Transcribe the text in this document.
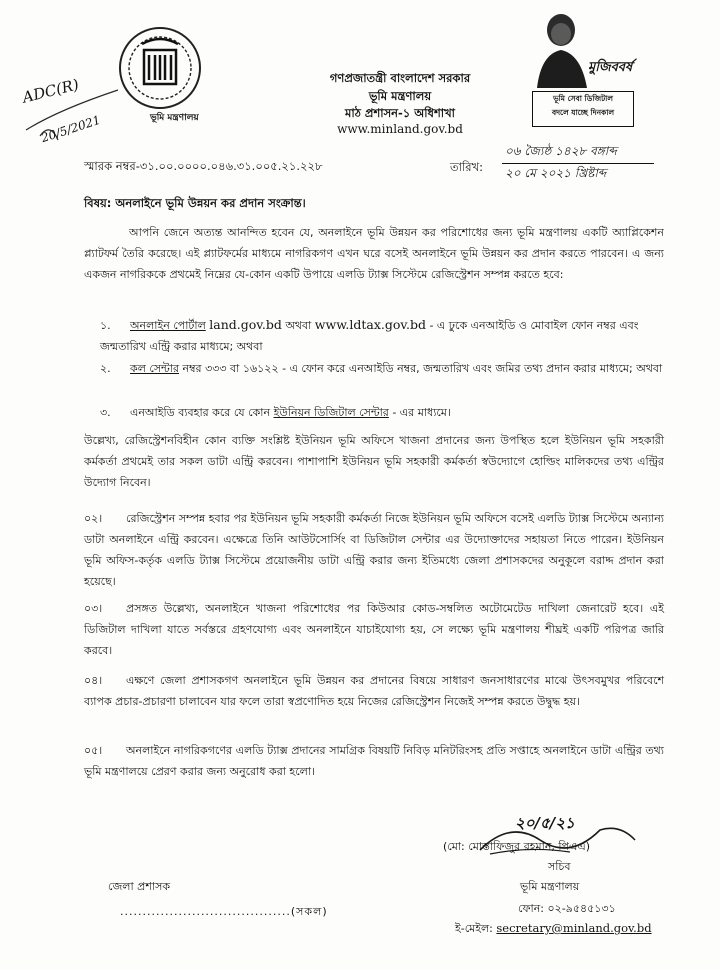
ভূমি মন্ত্রণালয়
ADC(R)
20/5/2021
গণপ্রজাতন্ত্রী বাংলাদেশ সরকার
ভূমি মন্ত্রণালয়
মাঠ প্রশাসন-১ অধিশাখা
www.minland.gov.bd
মুজিববর্ষ
ভূমি সেবা ডিজিটাল
বদলে যাচ্ছে দিনকাল
স্মারক নম্বর-৩১.০০.০০০০.০৪৬.৩১.০০৫.২১.২২৮	তারিখ:
০৬ জ্যৈষ্ঠ ১৪২৮ বঙ্গাব্দ
২০ মে ২০২১ খ্রিষ্টাব্দ
বিষয়: অনলাইনে ভূমি উন্নয়ন কর প্রদান সংক্রান্ত।
আপনি জেনে অত্যন্ত আনন্দিত হবেন যে, অনলাইনে ভূমি উন্নয়ন কর পরিশোধের জন্য ভূমি মন্ত্রণালয় একটি অ্যাপ্লিকেশন প্ল্যাটফর্ম তৈরি করেছে। এই প্ল্যাটফর্মের মাধ্যমে নাগরিকগণ এখন ঘরে বসেই অনলাইনে ভূমি উন্নয়ন কর প্রদান করতে পারবেন। এ জন্য একজন নাগরিককে প্রথমেই নিম্নের যে-কোন একটি উপায়ে এলডি ট্যাক্স সিস্টেমে রেজিস্ট্রেশন সম্পন্ন করতে হবে:
১. অনলাইন পোর্টাল land.gov.bd অথবা www.ldtax.gov.bd - এ ঢুকে এনআইডি ও মোবাইল ফোন নম্বর এবং জন্মতারিখ এন্ট্রি করার মাধ্যমে; অথবা
২. কল সেন্টার নম্বর ৩৩৩ বা ১৬১২২ - এ ফোন করে এনআইডি নম্বর, জন্মতারিখ এবং জমির তথ্য প্রদান করার মাধ্যমে; অথবা
৩. এনআইডি ব্যবহার করে যে কোন ইউনিয়ন ডিজিটাল সেন্টার - এর মাধ্যমে।
উল্লেখ্য, রেজিস্ট্রেশনবিহীন কোন ব্যক্তি সংশ্লিষ্ট ইউনিয়ন ভূমি অফিসে খাজনা প্রদানের জন্য উপস্থিত হলে ইউনিয়ন ভূমি সহকারী কর্মকর্তা প্রথমেই তার সকল ডাটা এন্ট্রি করবেন। পাশাপাশি ইউনিয়ন ভূমি সহকারী কর্মকর্তা স্বউদ্যোগে হোল্ডিং মালিকদের তথ্য এন্ট্রির উদ্যোগ নিবেন।
০২। রেজিস্ট্রেশন সম্পন্ন হবার পর ইউনিয়ন ভূমি সহকারী কর্মকর্তা নিজে ইউনিয়ন ভূমি অফিসে বসেই এলডি ট্যাক্স সিস্টেমে অন্যান্য ডাটা অনলাইনে এন্ট্রি করবেন। এক্ষেত্রে তিনি আউটসোর্সিং বা ডিজিটাল সেন্টার এর উদ্যোক্তাদের সহায়তা নিতে পারেন। ইউনিয়ন ভূমি অফিস-কর্তৃক এলডি ট্যাক্স সিস্টেমে প্রয়োজনীয় ডাটা এন্ট্রি করার জন্য ইতিমধ্যে জেলা প্রশাসকদের অনুকূলে বরাদ্দ প্রদান করা হয়েছে।
০৩। প্রসঙ্গত উল্লেখ্য, অনলাইনে খাজনা পরিশোধের পর কিউআর কোড-সম্বলিত অটোমেটেড দাখিলা জেনারেট হবে। এই ডিজিটাল দাখিলা যাতে সর্বস্তরে গ্রহণযোগ্য এবং অনলাইনে যাচাইযোগ্য হয়, সে লক্ষ্যে ভূমি মন্ত্রণালয় শীঘ্রই একটি পরিপত্র জারি করবে।
০৪। এক্ষণে জেলা প্রশাসকগণ অনলাইনে ভূমি উন্নয়ন কর প্রদানের বিষয়ে সাধারণ জনসাধারণের মাঝে উৎসবমুখর পরিবেশে ব্যাপক প্রচার-প্রচারণা চালাবেন যার ফলে তারা স্বপ্রণোদিত হয়ে নিজের রেজিস্ট্রেশন নিজেই সম্পন্ন করতে উদ্বুদ্ধ হয়।
০৫। অনলাইনে নাগরিকগণের এলডি ট্যাক্স প্রদানের সামগ্রিক বিষয়টি নিবিড় মনিটরিংসহ প্রতি সপ্তাহে অনলাইনে ডাটা এন্ট্রির তথ্য ভূমি মন্ত্রণালয়ে প্রেরণ করার জন্য অনুরোধ করা হলো।
২০/৫/২১
(মো: মোস্তাফিজুর রহমান, পিএএ)
সচিব
ভূমি মন্ত্রণালয়
ফোন: ০২-৯৫৪৫১৩১
ই-মেইল: secretary@minland.gov.bd
জেলা প্রশাসক
......................................(সকল)
